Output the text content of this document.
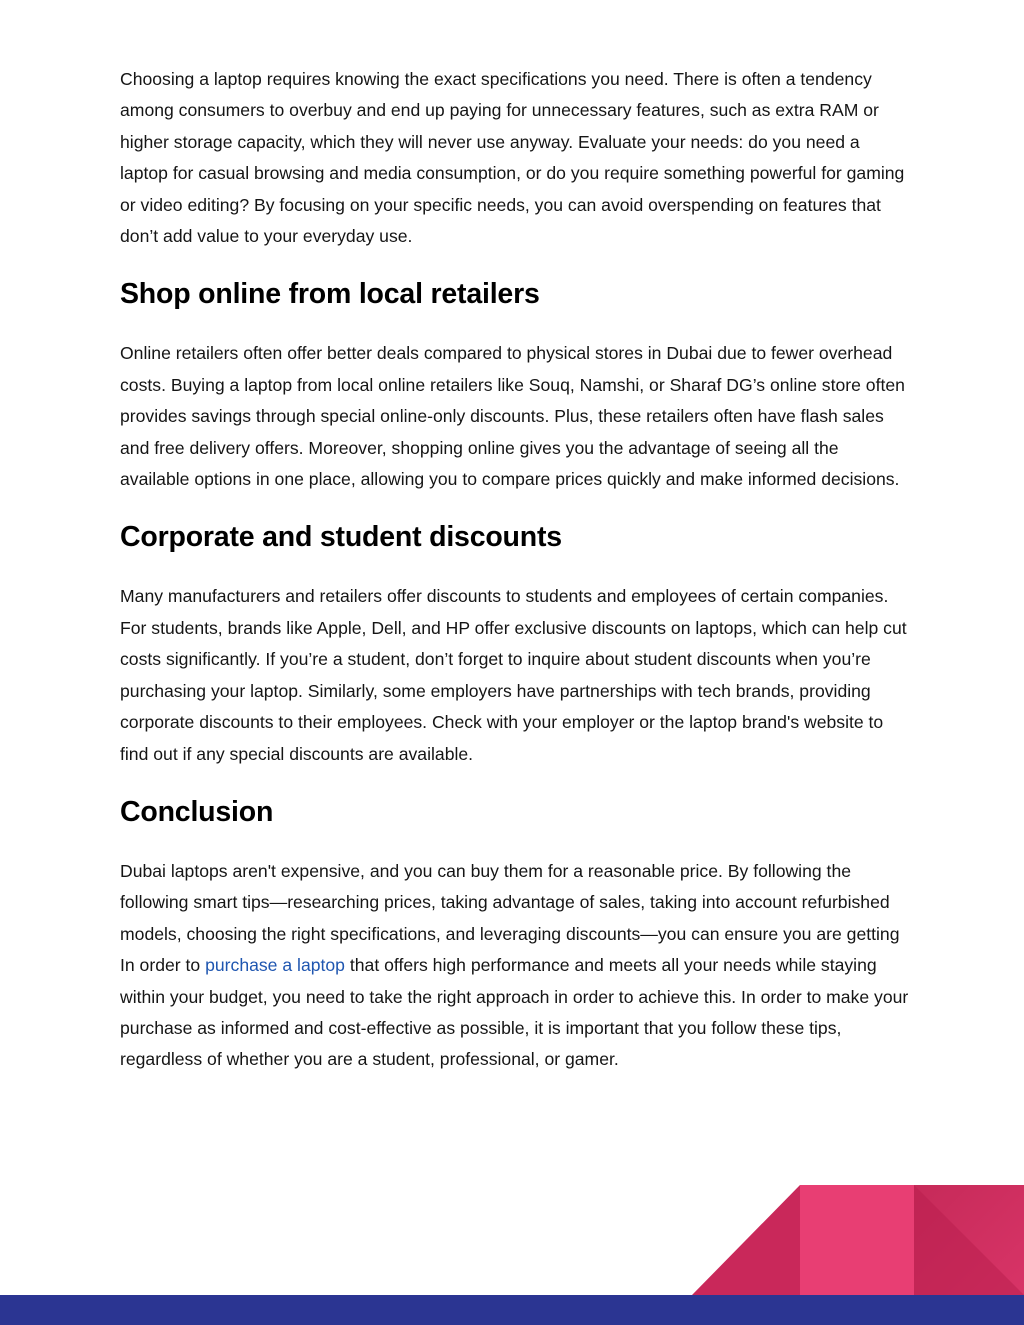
Choosing a laptop requires knowing the exact specifications you need. There is often a tendency among consumers to overbuy and end up paying for unnecessary features, such as extra RAM or higher storage capacity, which they will never use anyway. Evaluate your needs: do you need a laptop for casual browsing and media consumption, or do you require something powerful for gaming or video editing? By focusing on your specific needs, you can avoid overspending on features that don’t add value to your everyday use.

Shop online from local retailers

Online retailers often offer better deals compared to physical stores in Dubai due to fewer overhead costs. Buying a laptop from local online retailers like Souq, Namshi, or Sharaf DG’s online store often provides savings through special online-only discounts. Plus, these retailers often have flash sales and free delivery offers. Moreover, shopping online gives you the advantage of seeing all the available options in one place, allowing you to compare prices quickly and make informed decisions.

Corporate and student discounts

Many manufacturers and retailers offer discounts to students and employees of certain companies. For students, brands like Apple, Dell, and HP offer exclusive discounts on laptops, which can help cut costs significantly. If you’re a student, don’t forget to inquire about student discounts when you’re purchasing your laptop. Similarly, some employers have partnerships with tech brands, providing corporate discounts to their employees. Check with your employer or the laptop brand's website to find out if any special discounts are available.

Conclusion

Dubai laptops aren't expensive, and you can buy them for a reasonable price. By following the following smart tips—researching prices, taking advantage of sales, taking into account refurbished models, choosing the right specifications, and leveraging discounts—you can ensure you are getting In order to purchase a laptop that offers high performance and meets all your needs while staying within your budget, you need to take the right approach in order to achieve this. In order to make your purchase as informed and cost-effective as possible, it is important that you follow these tips, regardless of whether you are a student, professional, or gamer.
